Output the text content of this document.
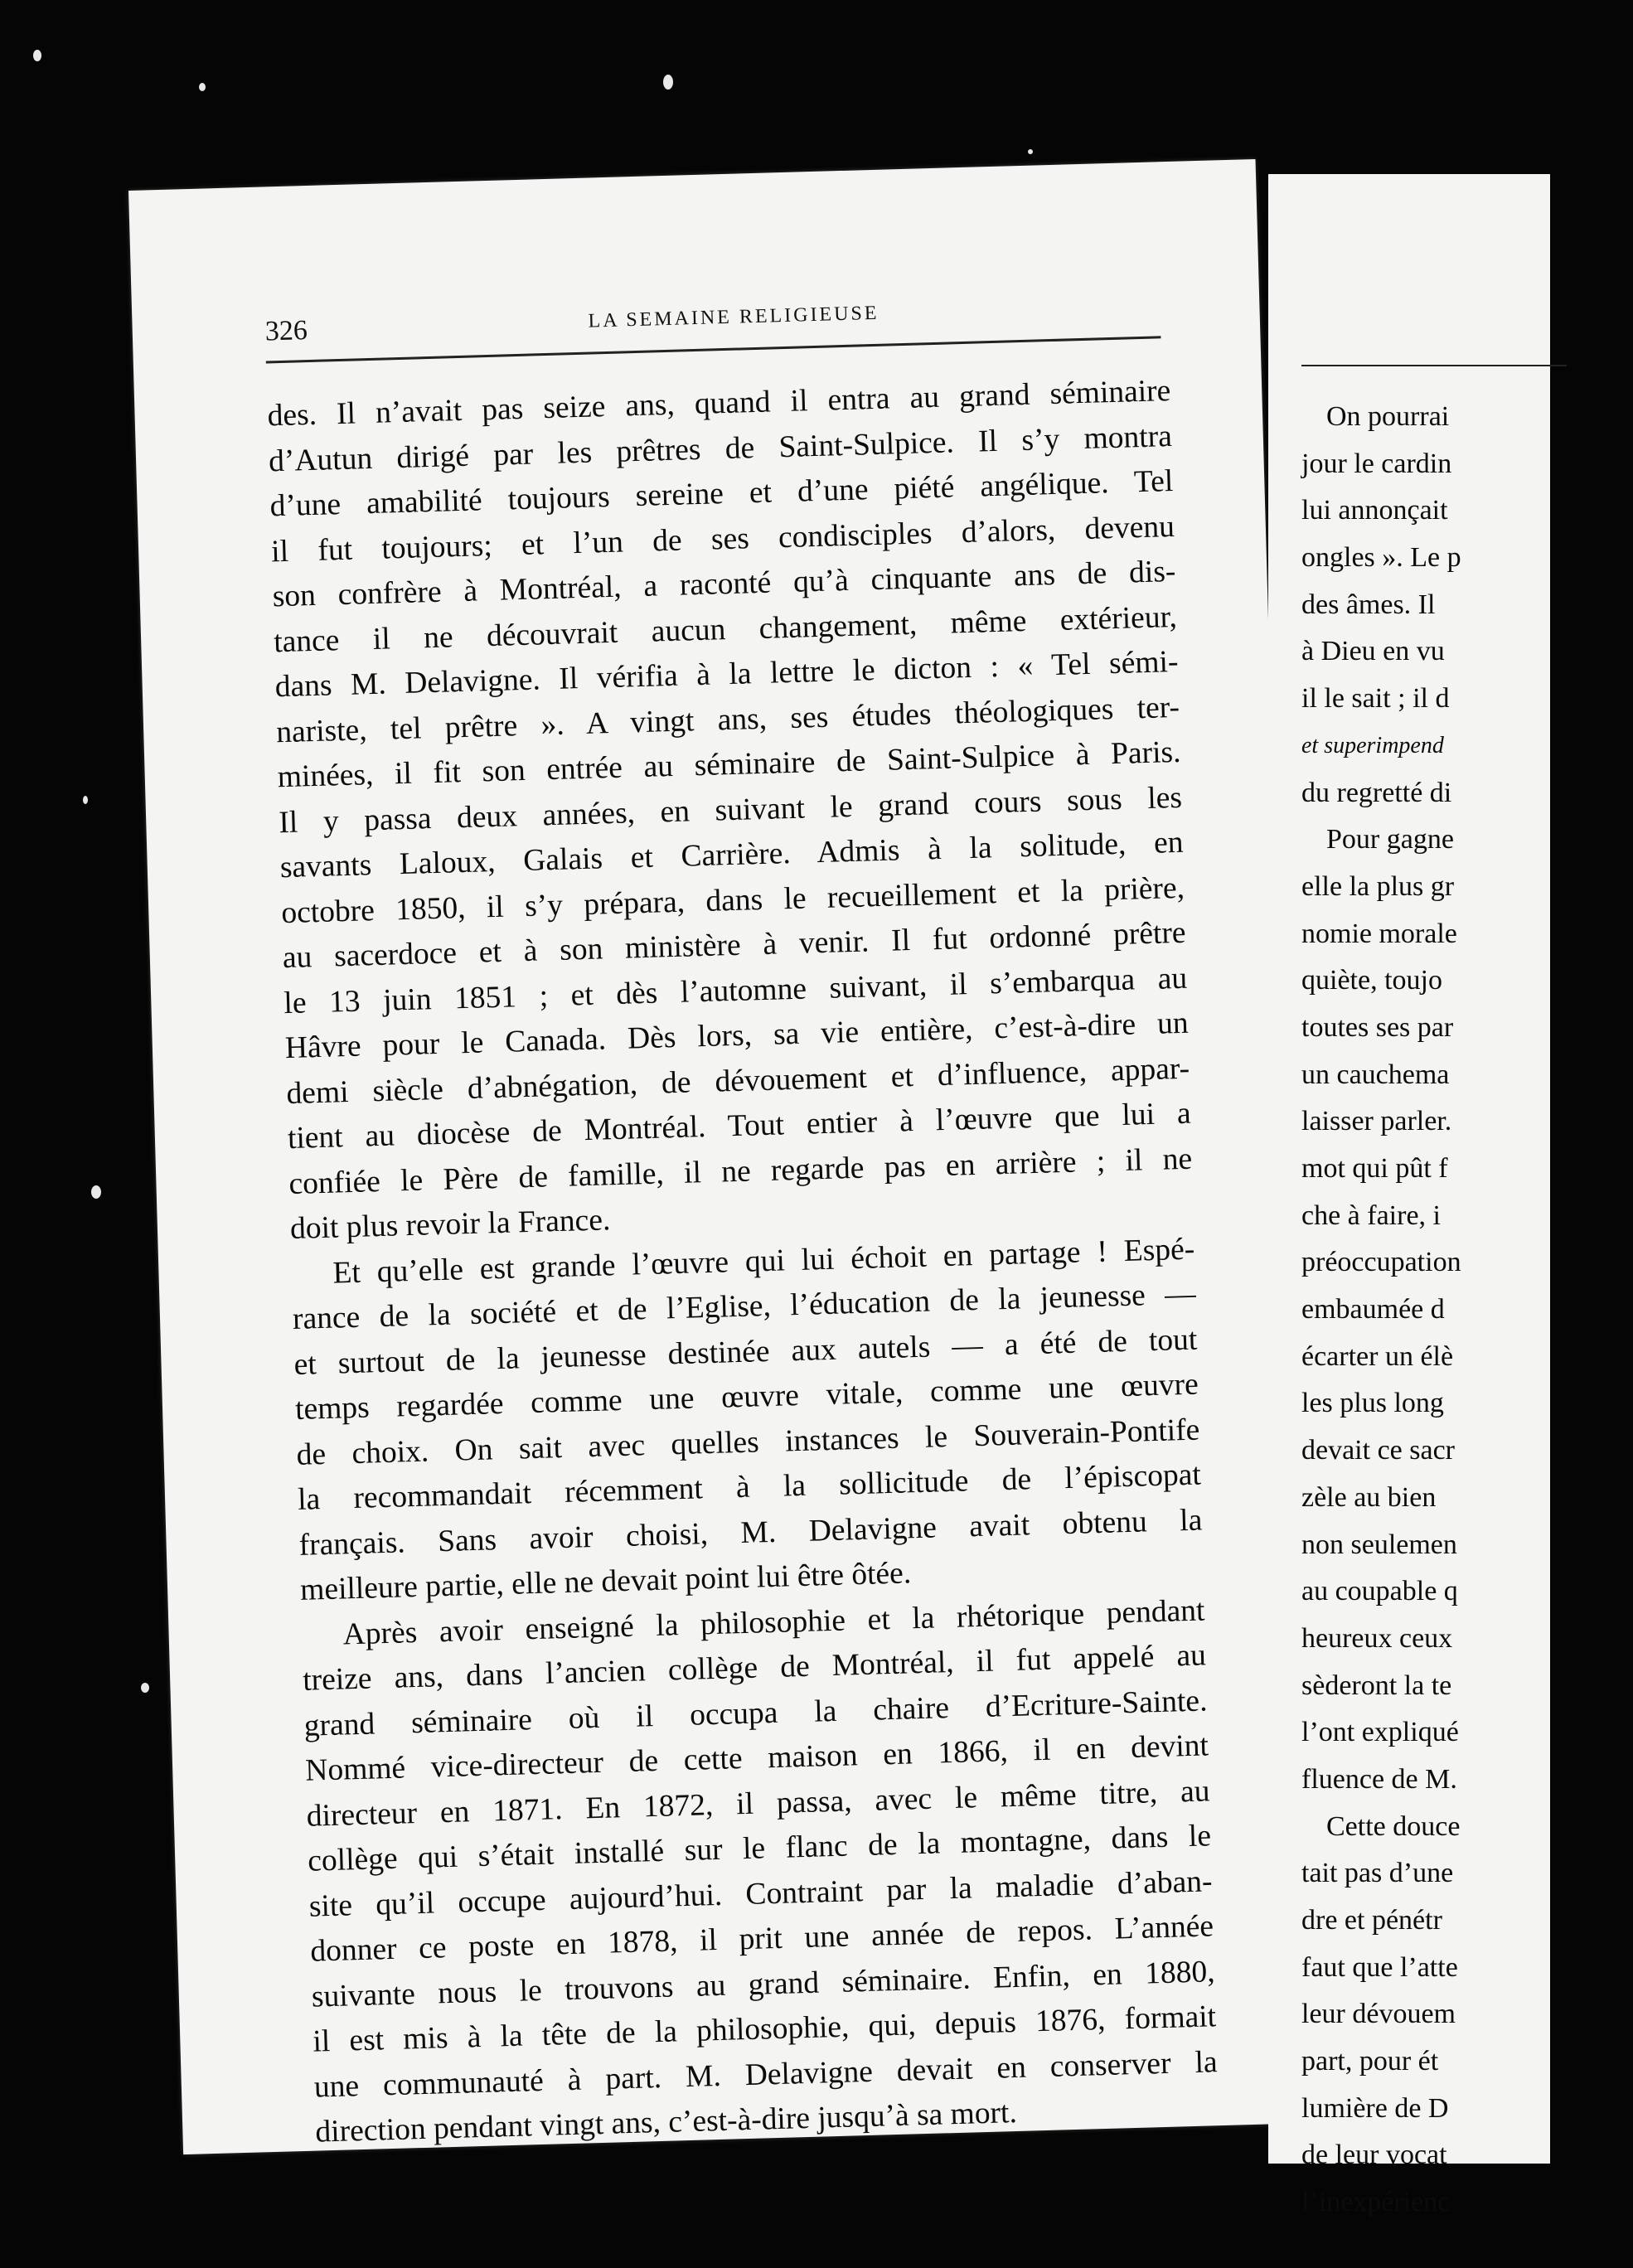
326	LA SEMAINE RELIGIEUSE
des. Il n’avait pas seize ans, quand il entra au grand séminaire
d’Autun dirigé par les prêtres de Saint-Sulpice. Il s’y montra
d’une amabilité toujours sereine et d’une piété angélique. Tel
il fut toujours; et l’un de ses condisciples d’alors, devenu
son confrère à Montréal, a raconté qu’à cinquante ans de dis-
tance il ne découvrait aucun changement, même extérieur,
dans M. Delavigne. Il vérifia à la lettre le dicton : « Tel sémi-
nariste, tel prêtre ». A vingt ans, ses études théologiques ter-
minées, il fit son entrée au séminaire de Saint-Sulpice à Paris.
Il y passa deux années, en suivant le grand cours sous les
savants Laloux, Galais et Carrière. Admis à la solitude, en
octobre 1850, il s’y prépara, dans le recueillement et la prière,
au sacerdoce et à son ministère à venir. Il fut ordonné prêtre
le 13 juin 1851 ; et dès l’automne suivant, il s’embarqua au
Hâvre pour le Canada. Dès lors, sa vie entière, c’est-à-dire un
demi siècle d’abnégation, de dévouement et d’influence, appar-
tient au diocèse de Montréal. Tout entier à l’œuvre que lui a
confiée le Père de famille, il ne regarde pas en arrière ; il ne
doit plus revoir la France.
Et qu’elle est grande l’œuvre qui lui échoit en partage ! Espé-
rance de la société et de l’Eglise, l’éducation de la jeunesse —
et surtout de la jeunesse destinée aux autels — a été de tout
temps regardée comme une œuvre vitale, comme une œuvre
de choix. On sait avec quelles instances le Souverain-Pontife
la recommandait récemment à la sollicitude de l’épiscopat
français. Sans avoir choisi, M. Delavigne avait obtenu la
meilleure partie, elle ne devait point lui être ôtée.
Après avoir enseigné la philosophie et la rhétorique pendant
treize ans, dans l’ancien collège de Montréal, il fut appelé au
grand séminaire où il occupa la chaire d’Ecriture-Sainte.
Nommé vice-directeur de cette maison en 1866, il en devint
directeur en 1871. En 1872, il passa, avec le même titre, au
collège qui s’était installé sur le flanc de la montagne, dans le
site qu’il occupe aujourd’hui. Contraint par la maladie d’aban-
donner ce poste en 1878, il prit une année de repos. L’année
suivante nous le trouvons au grand séminaire. Enfin, en 1880,
il est mis à la tête de la philosophie, qui, depuis 1876, formait
une communauté à part. M. Delavigne devait en conserver la
direction pendant vingt ans, c’est-à-dire jusqu’à sa mort.
On pourrai
jour le cardin
lui annonçait
ongles ». Le p
des âmes. Il
à Dieu en vu
il le sait ; il d
et superimpend
du regretté di
Pour gagne
elle la plus gr
nomie morale
quiète, toujo
toutes ses par
un cauchema
laisser parler.
mot qui pût f
che à faire, i
préoccupation
embaumée d
écarter un élè
les plus long
devait ce sacr
zèle au bien
non seulemen
au coupable q
heureux ceux
sèderont la te
l’ont expliqué
fluence de M.
Cette douce
tait pas d’une
dre et pénétr
faut que l’atte
leur dévouem
part, pour ét
lumière de D
de leur vocat
l’inexpérienc
